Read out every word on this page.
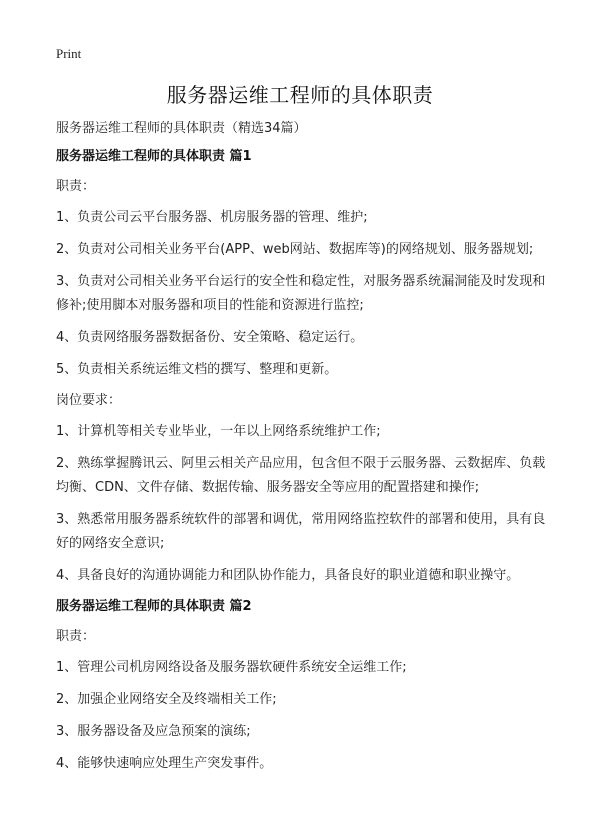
Print
服务器运维工程师的具体职责

服务器运维工程师的具体职责（精选34篇）

服务器运维工程师的具体职责 篇1

职责：

1、负责公司云平台服务器、机房服务器的管理、维护;

2、负责对公司相关业务平台(APP、web网站、数据库等)的网络规划、服务器规划;

3、负责对公司相关业务平台运行的安全性和稳定性，对服务器系统漏洞能及时发现和修补;使用脚本对服务器和项目的性能和资源进行监控;

4、负责网络服务器数据备份、安全策略、稳定运行。

5、负责相关系统运维文档的撰写、整理和更新。

岗位要求：

1、计算机等相关专业毕业，一年以上网络系统维护工作;

2、熟练掌握腾讯云、阿里云相关产品应用，包含但不限于云服务器、云数据库、负载均衡、CDN、文件存储、数据传输、服务器安全等应用的配置搭建和操作;

3、熟悉常用服务器系统软件的部署和调优，常用网络监控软件的部署和使用，具有良好的网络安全意识;

4、具备良好的沟通协调能力和团队协作能力，具备良好的职业道德和职业操守。

服务器运维工程师的具体职责 篇2

职责：

1、管理公司机房网络设备及服务器软硬件系统安全运维工作;

2、加强企业网络安全及终端相关工作;

3、服务器设备及应急预案的演练;

4、能够快速响应处理生产突发事件。
